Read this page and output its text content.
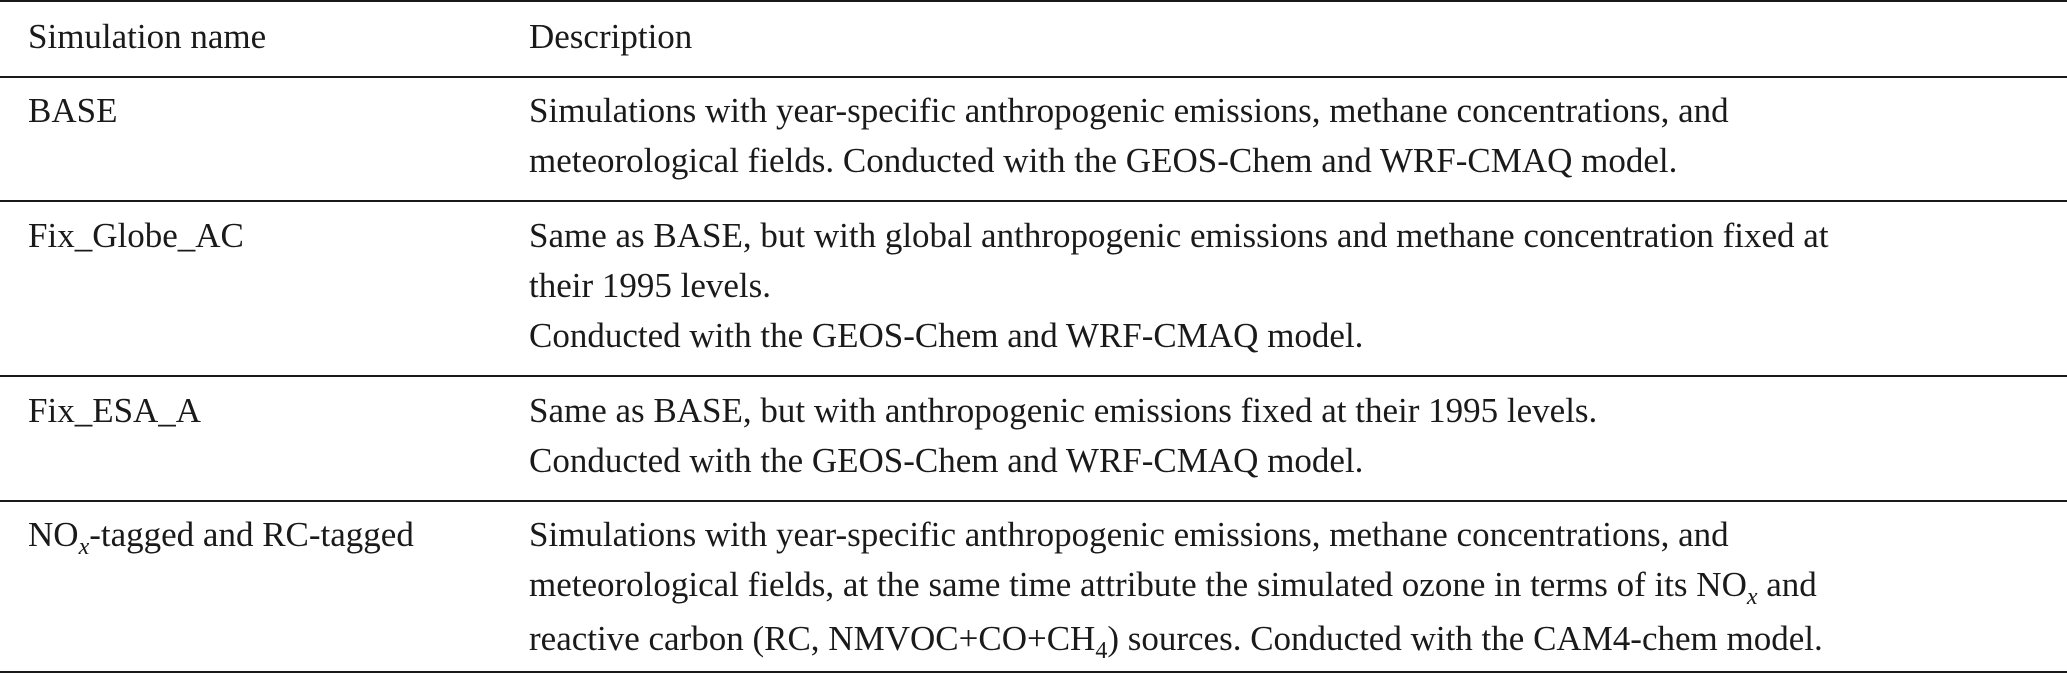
Simulation name	Description
BASE	Simulations with year-specific anthropogenic emissions, methane concentrations, and
meteorological fields. Conducted with the GEOS-Chem and WRF-CMAQ model.
Fix_Globe_AC	Same as BASE, but with global anthropogenic emissions and methane concentration fixed at
their 1995 levels.
Conducted with the GEOS-Chem and WRF-CMAQ model.
Fix_ESA_A	Same as BASE, but with anthropogenic emissions fixed at their 1995 levels.
Conducted with the GEOS-Chem and WRF-CMAQ model.
$NO_x$-tagged and RC-tagged	Simulations with year-specific anthropogenic emissions, methane concentrations, and
meteorological fields, at the same time attribute the simulated ozone in terms of its $NO_x$ and
reactive carbon (RC, $NMVOC+CO+CH_4$) sources. Conducted with the CAM4-chem model.
